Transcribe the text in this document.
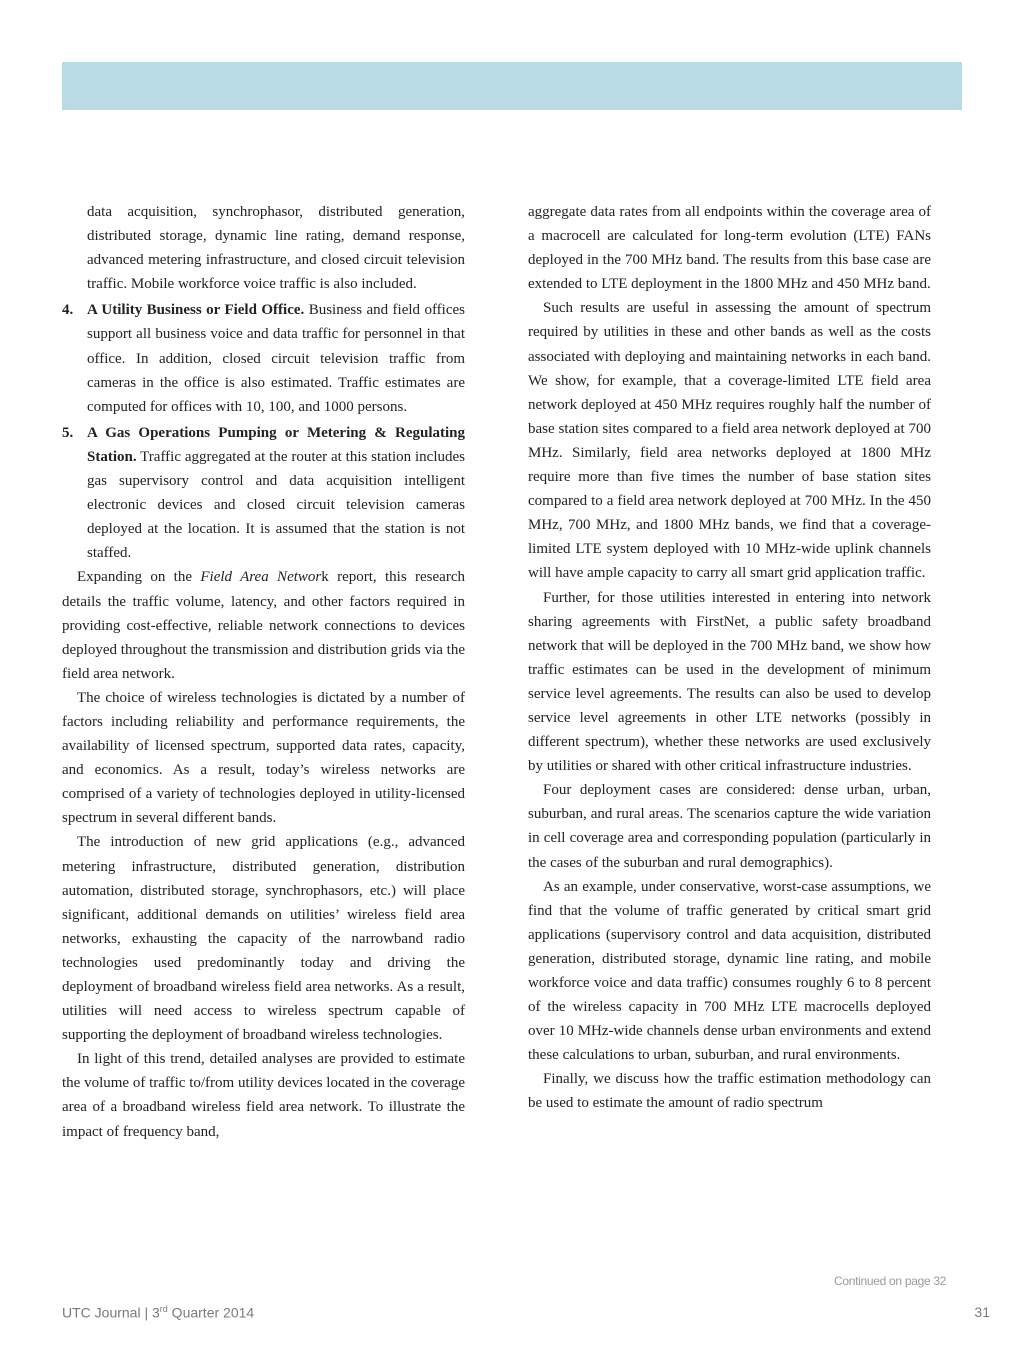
data acquisition, synchrophasor, distributed generation, distributed storage, dynamic line rating, demand response, advanced metering infrastructure, and closed circuit television traffic. Mobile workforce voice traffic is also included.

4. A Utility Business or Field Office. Business and field offices support all business voice and data traffic for personnel in that office. In addition, closed circuit television traffic from cameras in the office is also estimated. Traffic estimates are computed for offices with 10, 100, and 1000 persons.
5. A Gas Operations Pumping or Metering & Regulating Station. Traffic aggregated at the router at this station includes gas supervisory control and data acquisition intelligent electronic devices and closed circuit television cameras deployed at the location. It is assumed that the station is not staffed.

Expanding on the Field Area Network report, this research details the traffic volume, latency, and other factors required in providing cost-effective, reliable network connections to devices deployed throughout the transmission and distribution grids via the field area network.

The choice of wireless technologies is dictated by a number of factors including reliability and performance requirements, the availability of licensed spectrum, supported data rates, capacity, and economics. As a result, today’s wireless networks are comprised of a variety of technologies deployed in utility-licensed spectrum in several different bands.

The introduction of new grid applications (e.g., advanced metering infrastructure, distributed generation, distribution automation, distributed storage, synchrophasors, etc.) will place significant, additional demands on utilities’ wireless field area networks, exhausting the capacity of the narrowband radio technologies used predominantly today and driving the deployment of broadband wireless field area networks. As a result, utilities will need access to wireless spectrum capable of supporting the deployment of broadband wireless technologies.

In light of this trend, detailed analyses are provided to estimate the volume of traffic to/from utility devices located in the coverage area of a broadband wireless field area network. To illustrate the impact of frequency band,

aggregate data rates from all endpoints within the coverage area of a macrocell are calculated for long-term evolution (LTE) FANs deployed in the 700 MHz band. The results from this base case are extended to LTE deployment in the 1800 MHz and 450 MHz band.

Such results are useful in assessing the amount of spectrum required by utilities in these and other bands as well as the costs associated with deploying and maintaining networks in each band. We show, for example, that a coverage-limited LTE field area network deployed at 450 MHz requires roughly half the number of base station sites compared to a field area network deployed at 700 MHz. Similarly, field area networks deployed at 1800 MHz require more than five times the number of base station sites compared to a field area network deployed at 700 MHz. In the 450 MHz, 700 MHz, and 1800 MHz bands, we find that a coverage-limited LTE system deployed with 10 MHz-wide uplink channels will have ample capacity to carry all smart grid application traffic.

Further, for those utilities interested in entering into network sharing agreements with FirstNet, a public safety broadband network that will be deployed in the 700 MHz band, we show how traffic estimates can be used in the development of minimum service level agreements. The results can also be used to develop service level agreements in other LTE networks (possibly in different spectrum), whether these networks are used exclusively by utilities or shared with other critical infrastructure industries.

Four deployment cases are considered: dense urban, urban, suburban, and rural areas. The scenarios capture the wide variation in cell coverage area and corresponding population (particularly in the cases of the suburban and rural demographics).

As an example, under conservative, worst-case assumptions, we find that the volume of traffic generated by critical smart grid applications (supervisory control and data acquisition, distributed generation, distributed storage, dynamic line rating, and mobile workforce voice and data traffic) consumes roughly 6 to 8 percent of the wireless capacity in 700 MHz LTE macrocells deployed over 10 MHz-wide channels dense urban environments and extend these calculations to urban, suburban, and rural environments.

Finally, we discuss how the traffic estimation methodology can be used to estimate the amount of radio spectrum

Continued on page 32
UTC Journal | 3rd Quarter 2014	31
